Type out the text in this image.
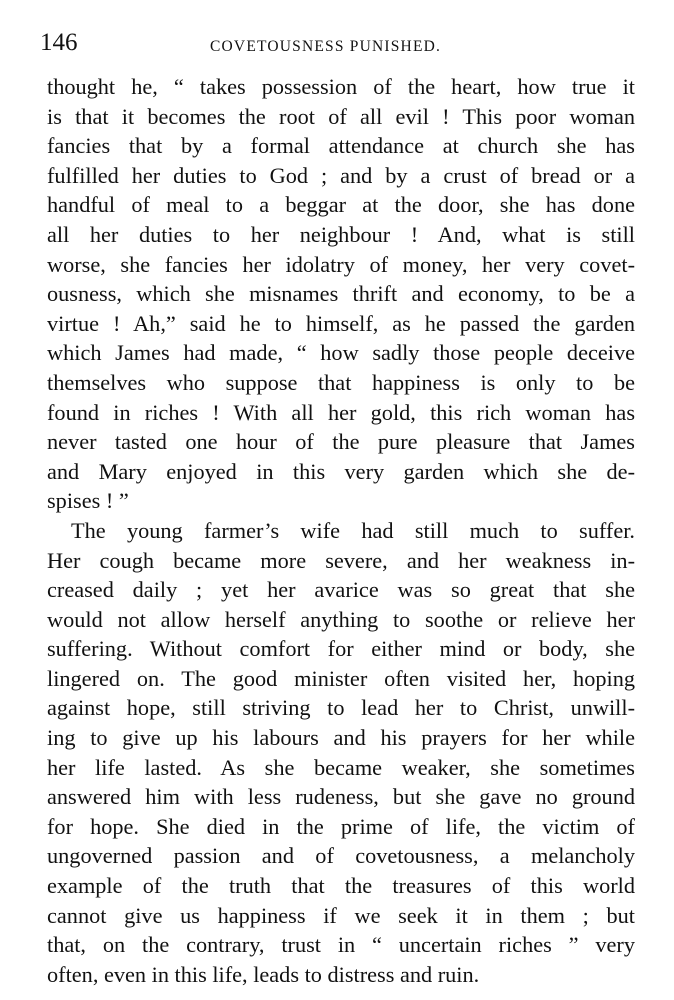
146	COVETOUSNESS PUNISHED.
thought he, “ takes possession of the heart, how true it
is that it becomes the root of all evil ! This poor woman
fancies that by a formal attendance at church she has
fulfilled her duties to God ; and by a crust of bread or a
handful of meal to a beggar at the door, she has done
all her duties to her neighbour ! And, what is still
worse, she fancies her idolatry of money, her very covet-
ousness, which she misnames thrift and economy, to be a
virtue ! Ah,” said he to himself, as he passed the garden
which James had made, “ how sadly those people deceive
themselves who suppose that happiness is only to be
found in riches ! With all her gold, this rich woman has
never tasted one hour of the pure pleasure that James
and Mary enjoyed in this very garden which she de-
spises ! ”
The young farmer’s wife had still much to suffer.
Her cough became more severe, and her weakness in-
creased daily ; yet her avarice was so great that she
would not allow herself anything to soothe or relieve her
suffering. Without comfort for either mind or body, she
lingered on. The good minister often visited her, hoping
against hope, still striving to lead her to Christ, unwill-
ing to give up his labours and his prayers for her while
her life lasted. As she became weaker, she sometimes
answered him with less rudeness, but she gave no ground
for hope. She died in the prime of life, the victim of
ungoverned passion and of covetousness, a melancholy
example of the truth that the treasures of this world
cannot give us happiness if we seek it in them ; but
that, on the contrary, trust in “ uncertain riches ” very
often, even in this life, leads to distress and ruin.
